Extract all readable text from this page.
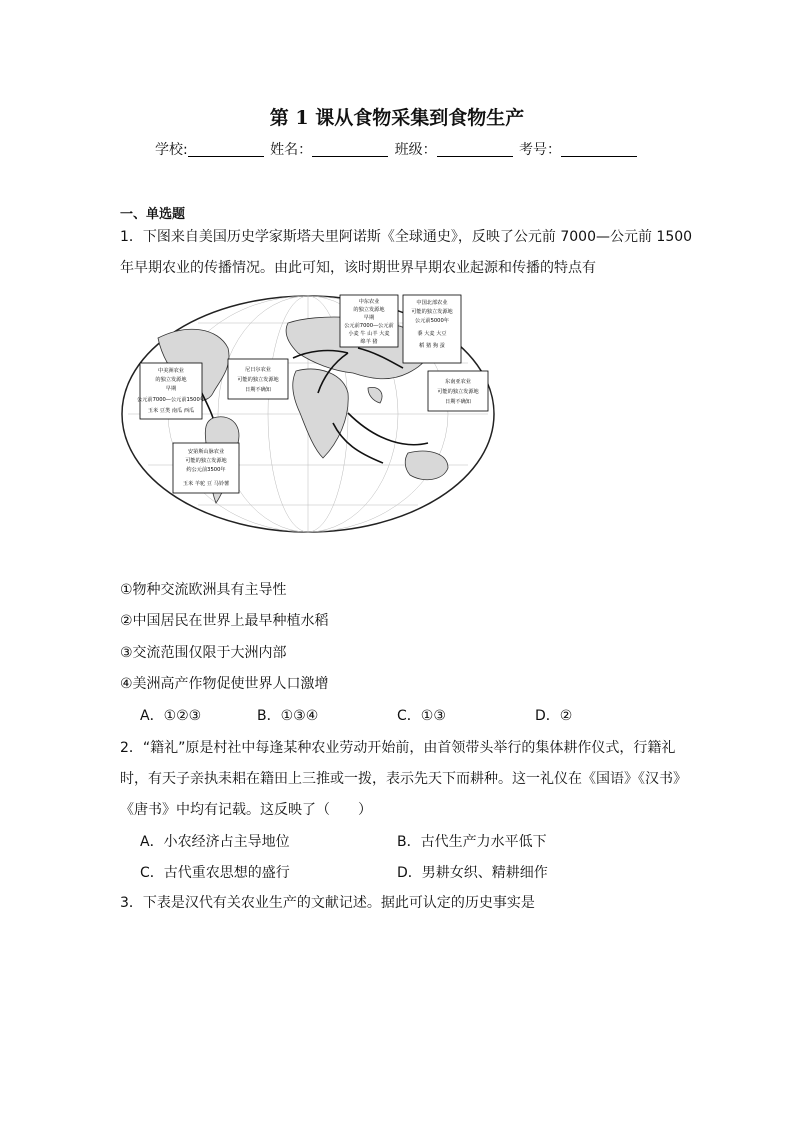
第 1 课从食物采集到食物生产
学校:	姓名：	班级：	考号：
一、单选题
1．下图来自美国历史学家斯塔夫里阿诺斯《全球通史》，反映了公元前 7000—公元前 1500
年早期农业的传播情况。由此可知，该时期世界早期农业起源和传播的特点有
中东农业
的独立发源地
早期
公元前7000—公元前
小麦 牛 山羊 大麦
绵羊 猪
中国北部农业
可能的独立发源地
公元前5000年
黍 大麦 大豆
稻 猪 狗 蚕
中美洲农业
的独立发源地
早期
公元前7000—公元前1500年
玉米 豆类 南瓜 西瓜
尼日尔农业
可能的独立发源地
日期不确知
东南亚农业
可能的独立发源地
日期不确知
安第斯山脉农业
可能的独立发源地
约公元前3500年
玉米 羊驼 豆 马铃薯
①物种交流欧洲具有主导性
②中国居民在世界上最早种植水稻
③交流范围仅限于大洲内部
④美洲高产作物促使世界人口激增
A．①②③	B．①③④	C．①③	D．②
2．“籍礼”原是村社中每逢某种农业劳动开始前，由首领带头举行的集体耕作仪式，行籍礼
时，有天子亲执耒耜在籍田上三推或一拨，表示先天下而耕种。这一礼仪在《国语》《汉书》
《唐书》中均有记载。这反映了（　　）
A．小农经济占主导地位	B．古代生产力水平低下
C．古代重农思想的盛行	D．男耕女织、精耕细作
3．下表是汉代有关农业生产的文献记述。据此可认定的历史事实是
